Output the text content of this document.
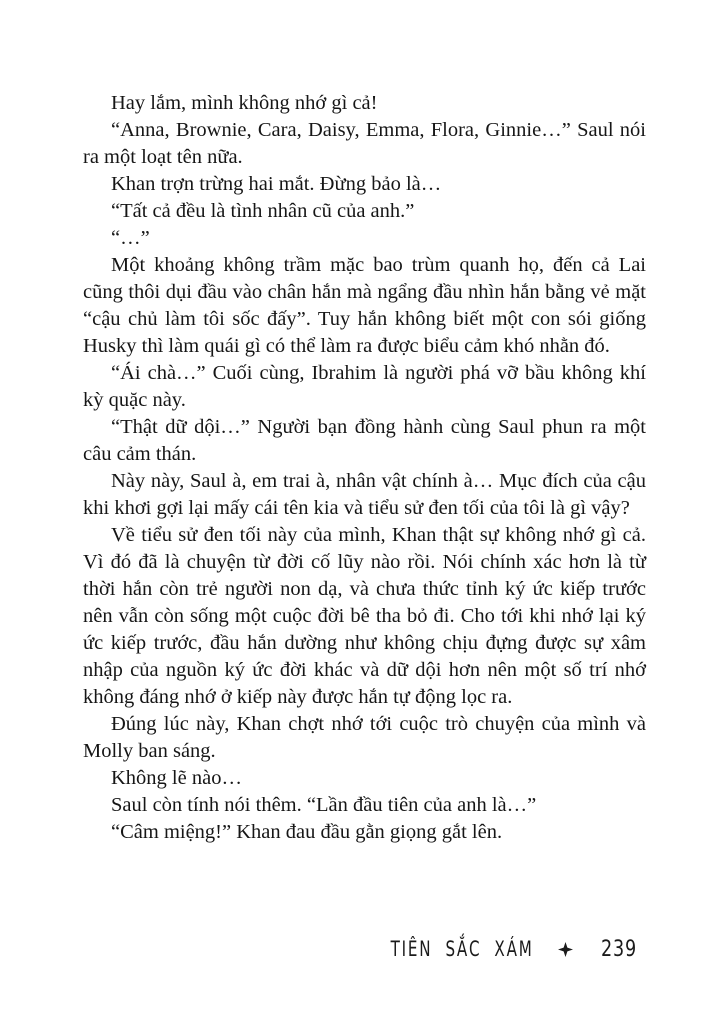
Hay lắm, mình không nhớ gì cả!

“Anna, Brownie, Cara, Daisy, Emma, Flora, Ginnie…” Saul nói ra một loạt tên nữa.

Khan trợn trừng hai mắt. Đừng bảo là…

“Tất cả đều là tình nhân cũ của anh.”

“…”

Một khoảng không trầm mặc bao trùm quanh họ, đến cả Lai cũng thôi dụi đầu vào chân hắn mà ngẩng đầu nhìn hắn bằng vẻ mặt “cậu chủ làm tôi sốc đấy”. Tuy hắn không biết một con sói giống Husky thì làm quái gì có thể làm ra được biểu cảm khó nhằn đó.

“Ái chà…” Cuối cùng, Ibrahim là người phá vỡ bầu không khí kỳ quặc này.

“Thật dữ dội…” Người bạn đồng hành cùng Saul phun ra một câu cảm thán.

Này này, Saul à, em trai à, nhân vật chính à… Mục đích của cậu khi khơi gợi lại mấy cái tên kia và tiểu sử đen tối của tôi là gì vậy?

Về tiểu sử đen tối này của mình, Khan thật sự không nhớ gì cả. Vì đó đã là chuyện từ đời cố lũy nào rồi. Nói chính xác hơn là từ thời hắn còn trẻ người non dạ, và chưa thức tỉnh ký ức kiếp trước nên vẫn còn sống một cuộc đời bê tha bỏ đi. Cho tới khi nhớ lại ký ức kiếp trước, đầu hắn dường như không chịu đựng được sự xâm nhập của nguồn ký ức đời khác và dữ dội hơn nên một số trí nhớ không đáng nhớ ở kiếp này được hắn tự động lọc ra.

Đúng lúc này, Khan chợt nhớ tới cuộc trò chuyện của mình và Molly ban sáng.

Không lẽ nào…

Saul còn tính nói thêm. “Lần đầu tiên của anh là…”

“Câm miệng!” Khan đau đầu gằn giọng gắt lên.

TIÊN SẮC XÁM	239
